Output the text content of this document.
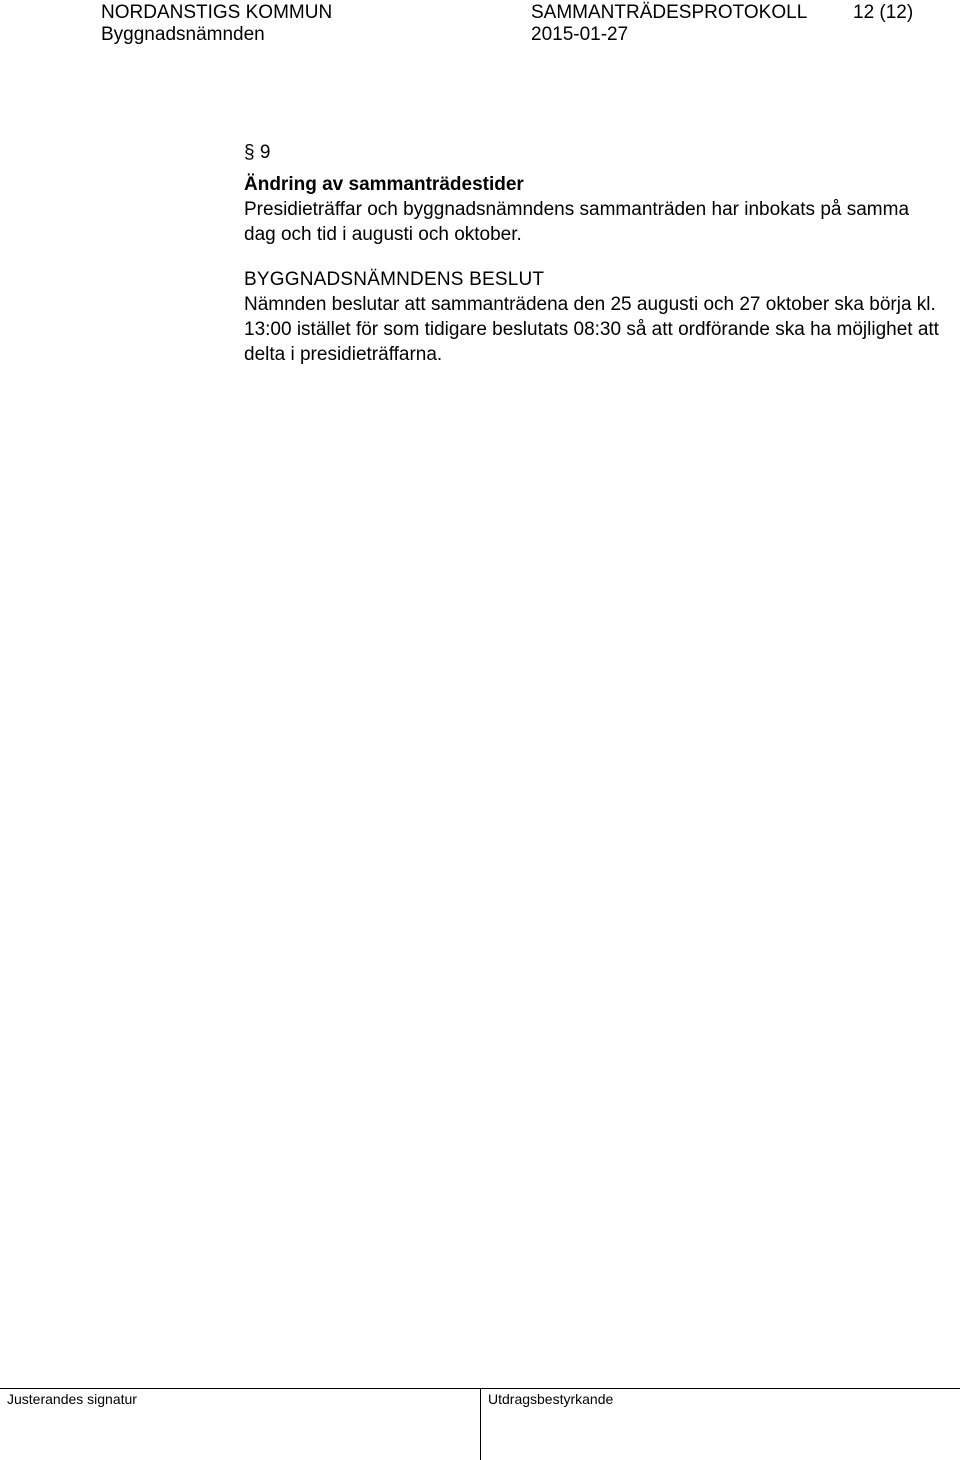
NORDANSTIGS KOMMUN
Byggnadsnämnden
SAMMANTRÄDESPROTOKOLL
2015-01-27
12 (12)
§ 9
Ändring av sammanträdestider

Presidieträffar och byggnadsnämndens sammanträden har inbokats på samma dag och tid i augusti och oktober.

BYGGNADSNÄMNDENS BESLUT

Nämnden beslutar att sammanträdena den 25 augusti och 27 oktober ska börja kl. 13:00 istället för som tidigare beslutats 08:30 så att ordförande ska ha möjlighet att delta i presidieträffarna.

Justerandes signatur	Utdragsbestyrkande
